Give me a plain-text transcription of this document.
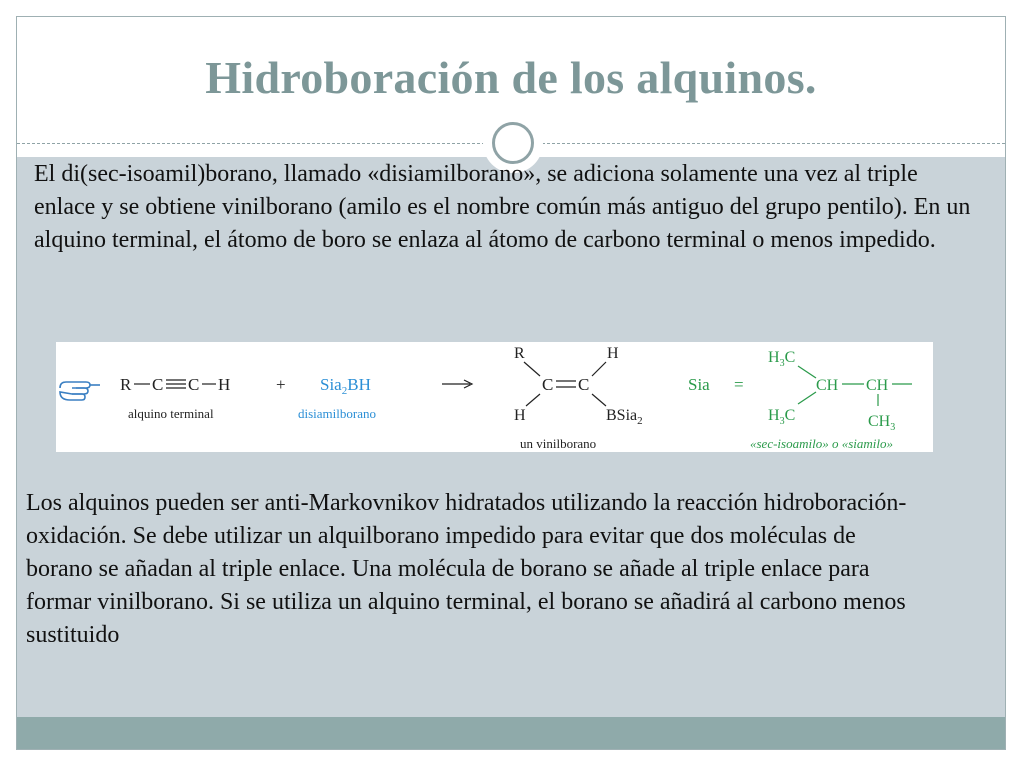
Hidroboración de los alquinos.

El di(sec-isoamil)borano, llamado «disiamilborano», se adiciona solamente una vez al triple enlace y se obtiene vinilborano (amilo es el nombre común más antiguo del grupo pentilo). En un alquino terminal, el átomo de boro se enlaza al átomo de carbono terminal o menos impedido.

R C C H
alquino terminal
+ Sia$_2$BH
disiamilborano
R
C C
H
H	BSia$_2$
un vinilborano
Sia =
$H_3C$
CH
$H_3C$
CH
$CH_3$
«sec-isoamilo» o «siamilo»

Los alquinos pueden ser anti-Markovnikov hidratados utilizando la reacción hidroboración-oxidación. Se debe utilizar un alquilborano impedido para evitar que dos moléculas de borano se añadan al triple enlace. Una molécula de borano se añade al triple enlace para formar vinilborano. Si se utiliza un alquino terminal, el borano se añadirá al carbono menos sustituido
